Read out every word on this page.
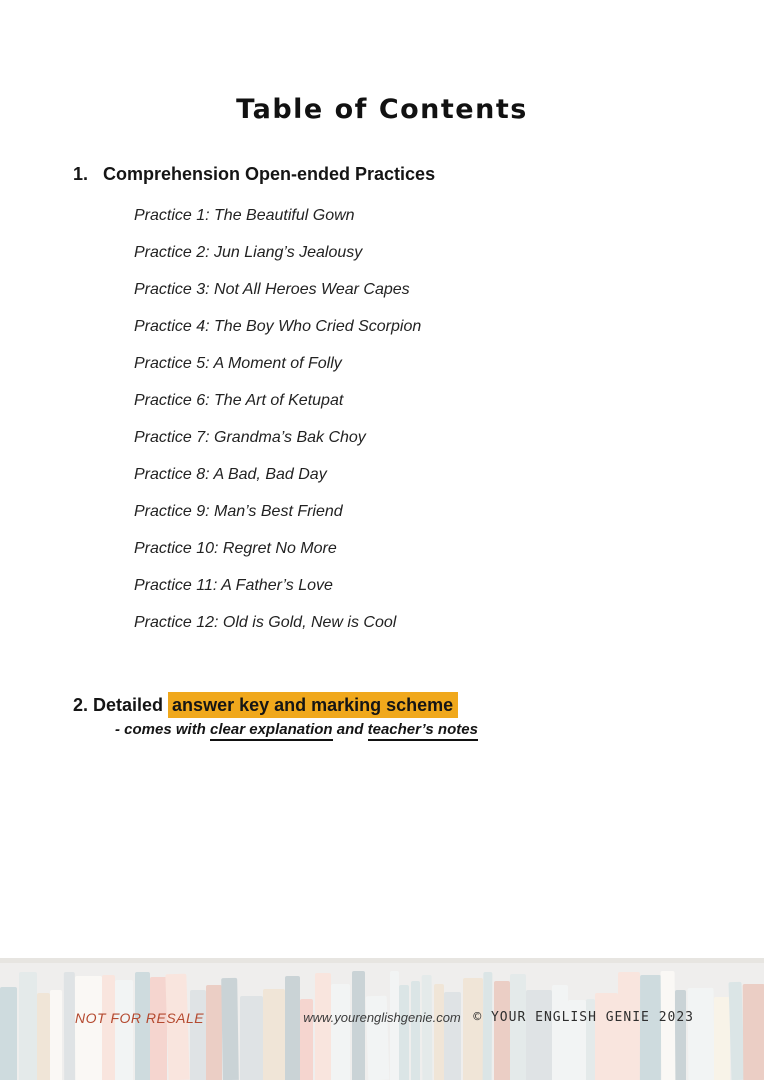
Table of Contents
1. Comprehension Open-ended Practices
Practice 1: The Beautiful Gown
Practice 2: Jun Liang’s Jealousy
Practice 3: Not All Heroes Wear Capes
Practice 4: The Boy Who Cried Scorpion
Practice 5: A Moment of Folly
Practice 6: The Art of Ketupat
Practice 7: Grandma’s Bak Choy
Practice 8: A Bad, Bad Day
Practice 9: Man’s Best Friend
Practice 10: Regret No More
Practice 11: A Father’s Love
Practice 12: Old is Gold, New is Cool
2. Detailed answer key and marking scheme
- comes with clear explanation and teacher’s notes
NOT FOR RESALE	www.yourenglishgenie.com © YOUR ENGLISH GENIE 2023
